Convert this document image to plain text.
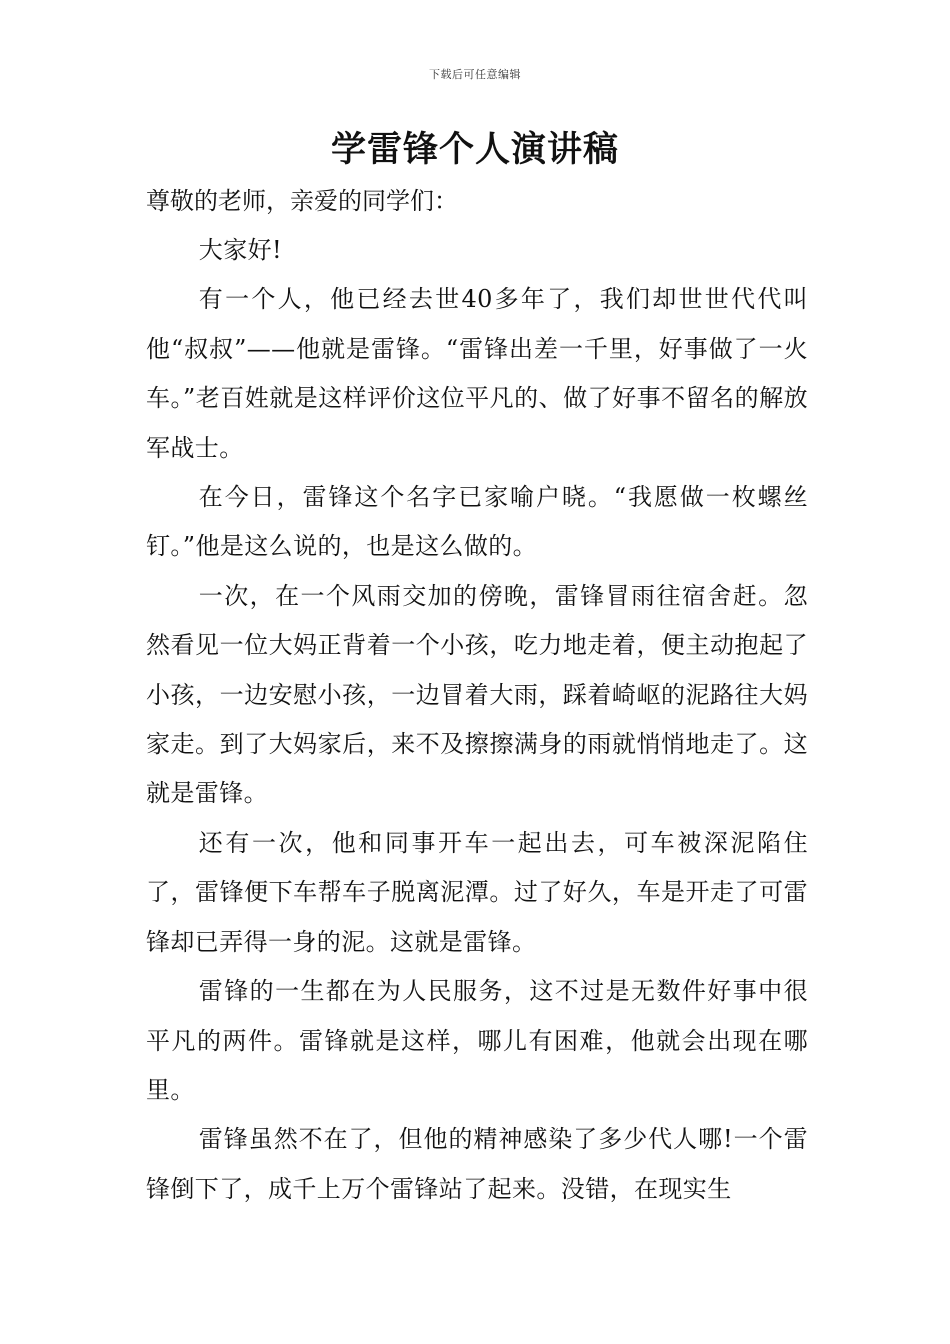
下载后可任意编辑
学雷锋个人演讲稿

尊敬的老师，亲爱的同学们：

大家好!

有一个人，他已经去世40多年了，我们却世世代代叫他“叔叔”——他就是雷锋。“雷锋出差一千里，好事做了一火车。”老百姓就是这样评价这位平凡的、做了好事不留名的解放军战士。

在今日，雷锋这个名字已家喻户晓。“我愿做一枚螺丝钉。”他是这么说的，也是这么做的。

一次，在一个风雨交加的傍晚，雷锋冒雨往宿舍赶。忽然看见一位大妈正背着一个小孩，吃力地走着，便主动抱起了小孩，一边安慰小孩，一边冒着大雨，踩着崎岖的泥路往大妈家走。到了大妈家后，来不及擦擦满身的雨就悄悄地走了。这就是雷锋。

还有一次，他和同事开车一起出去，可车被深泥陷住了，雷锋便下车帮车子脱离泥潭。过了好久，车是开走了可雷锋却已弄得一身的泥。这就是雷锋。

雷锋的一生都在为人民服务，这不过是无数件好事中很平凡的两件。雷锋就是这样，哪儿有困难，他就会出现在哪里。

雷锋虽然不在了，但他的精神感染了多少代人哪!一个雷锋倒下了，成千上万个雷锋站了起来。没错，在现实生
